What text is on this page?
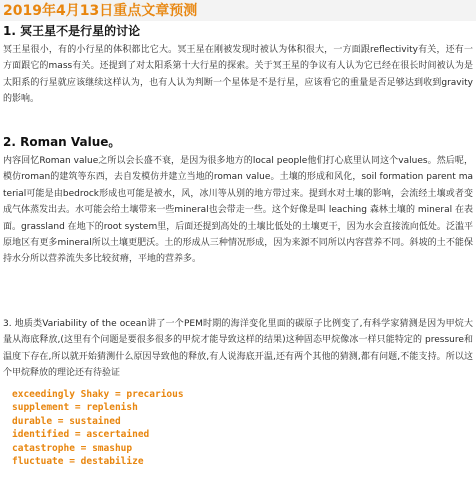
2019年4月13日重点文章预测
1. 冥王星不是行星的讨论
冥王星很小，有的小行星的体积都比它大。冥王星在刚被发现时被认为体积很大，一方面跟reflectivity有关，还有一方面跟它的mass有关。还提到了对太阳系第十大行星的探索。关于冥王星的争议有人认为它已经在很长时间被认为是太阳系的行星就应该继续这样认为，也有人认为判断一个星体是不是行星，应该看它的重量是否足够达到收到gravity的影响。
2. Roman Value。
内容回忆Roman value之所以会长盛不衰，是因为很多地方的local people他们打心底里认同这个values。然后呢，模仿roman的建筑等东西，去自发模仿并建立当地的roman value。土壤的形成和风化，soil formation parent material可能是由bedrock形成也可能是被水，风，冰川等从别的地方带过来。提到水对土壤的影响，会流经土壤或者变成气体蒸发出去。水可能会给土壤带来一些mineral也会带走一些。这个好像是叫 leaching 森林土壤的 mineral 在表面。grassland 在地下的root system里，后面还提到高处的土壤比低处的土壤更干，因为水会直接流向低处。泛滥平原地区有更多mineral所以土壤更肥沃。土的形成从三种情况形成，因为来源不同所以内容营养不同。斜坡的土不能保持水分所以营养流失多比较贫瘠，平地的营养多。
3. 地质类Variability of the ocean讲了一个PEM时期的海洋变化里面的碳原子比例变了,有科学家猜测是因为甲烷大量从海底释放,(这里有个问题是要很多很多的甲烷才能导致这样的结果)这种固态甲烷像冰一样只能特定的 pressure和温度下存在,所以就开始猜测什么原因导致他的释放,有人说海底开温,还有两个其他的猜测,都有问题,不能支持。所以这个甲烷释放的理论还有待验证
exceedingly Shaky = precarious
supplement = replenish
durable = sustained
identified = ascertained
catastrophe = smashup
fluctuate = destabilize
